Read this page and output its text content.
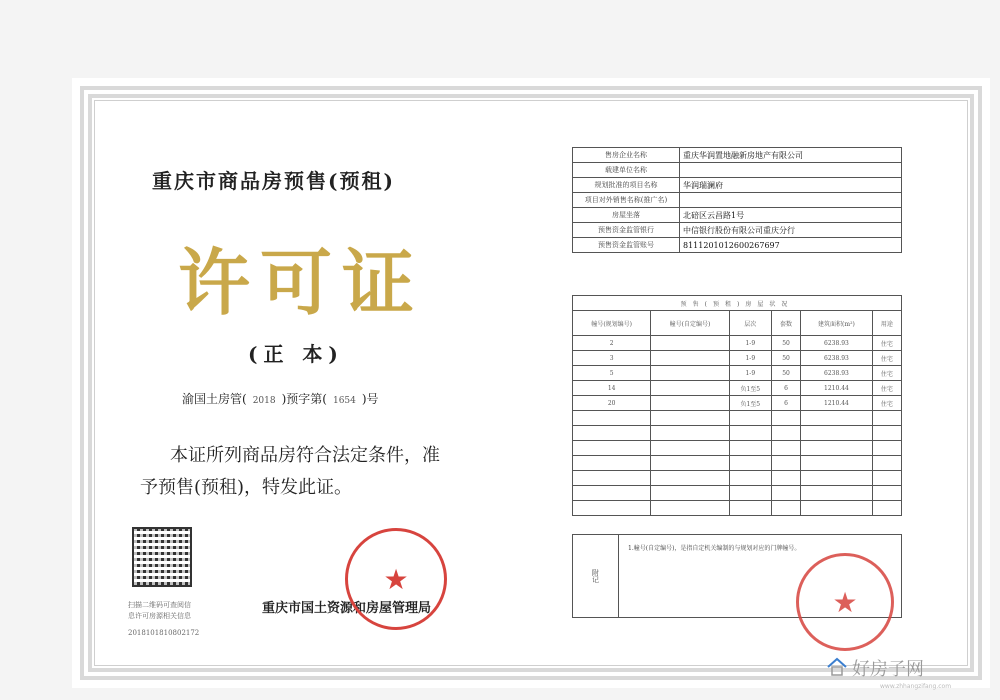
重庆市商品房预售(预租)
许可证
(正 本)
渝国土房管( 2018 )预字第( 1654 )号
本证所列商品房符合法定条件，准
予预售(预租)，特发此证。
扫描二维码可查阅信
息许可房源相关信息
2018101810802172
重庆市国土资源和房屋管理局
★
售房企业名称	重庆华润置地融新房地产有限公司
载建单位名称	
规划批准的项目名称	华润瑞澜府
项目对外销售名称(推广名)	
房屋坐落	北碚区云昌路1号
预售资金监管银行	中信银行股份有限公司重庆分行
预售资金监管账号	8111201012600267697
预售(预租)房屋状况					
幢号(规划编号)	幢号(自定编号)	层次	套数	建筑面积(m²)	用途
2		1-9	50	6238.93	住宅
3		1-9	50	6238.93	住宅
5		1-9	50	6238.93	住宅
14		负1至5	6	1210.44	住宅
20		负1至5	6	1210.44	住宅

附记
1.幢号(自定编号)，是指自定机关编制的与规划对应的门牌幢号。
★
好房子网
www.zhhangzifang.com
